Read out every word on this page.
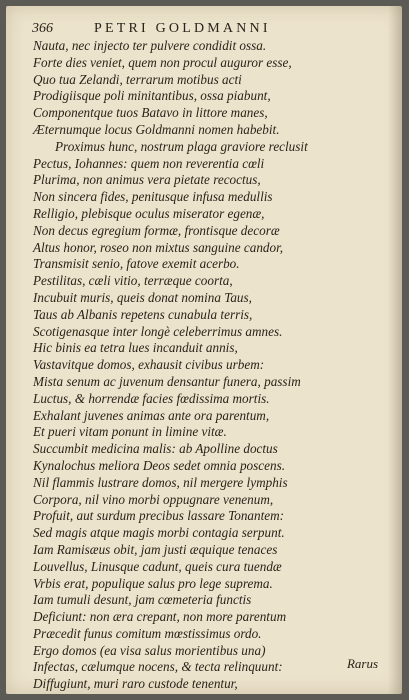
366	PETRI GOLDMANNI
Nauta, nec injecto ter pulvere condidit ossa.
Forte dies veniet, quem non procul auguror esse,
Quo tua Zelandi, terrarum motibus acti
Prodigiisque poli minitantibus, ossa piabunt,
Componentque tuos Batavo in littore manes,
Æternumque locus Goldmanni nomen habebit.
Proximus hunc, nostrum plaga graviore reclusit
Pectus, Iohannes: quem non reverentia cœli
Plurima, non animus vera pietate recoctus,
Non sincera fides, penitusque infusa medullis
Relligio, plebisque oculus miserator egenæ,
Non decus egregium formæ, frontisque decoræ
Altus honor, roseo non mixtus sanguine candor,
Transmisit senio, fatove exemit acerbo.
Pestilitas, cæli vitio, terræque coorta,
Incubuit muris, queis donat nomina Taus,
Taus ab Albanis repetens cunabula terris,
Scotigenasque inter longè celeberrimus amnes.
Hic binis ea tetra lues incanduit annis,
Vastavitque domos, exhausit civibus urbem:
Mista senum ac juvenum densantur funera, passim
Luctus, & horrendæ facies fœdissima mortis.
Exhalant juvenes animas ante ora parentum,
Et pueri vitam ponunt in limine vitæ.
Succumbit medicina malis: ab Apolline doctus
Kynalochus meliora Deos sedet omnia poscens.
Nil flammis lustrare domos, nil mergere lymphis
Corpora, nil vino morbi oppugnare venenum,
Profuit, aut surdum precibus lassare Tonantem:
Sed magis atque magis morbi contagia serpunt.
Iam Ramisæus obit, jam justi æquique tenaces
Louvellus, Linusque cadunt, queis cura tuendæ
Vrbis erat, populique salus pro lege suprema.
Iam tumuli desunt, jam cœmeteria functis
Deficiunt: non æra crepant, non more parentum
Præcedit funus comitum mœstissimus ordo.
Ergo domos (ea visa salus morientibus una)
Infectas, cælumque nocens, & tecta relinquunt:
Diffugiunt, muri raro custode tenentur,
Rarus
